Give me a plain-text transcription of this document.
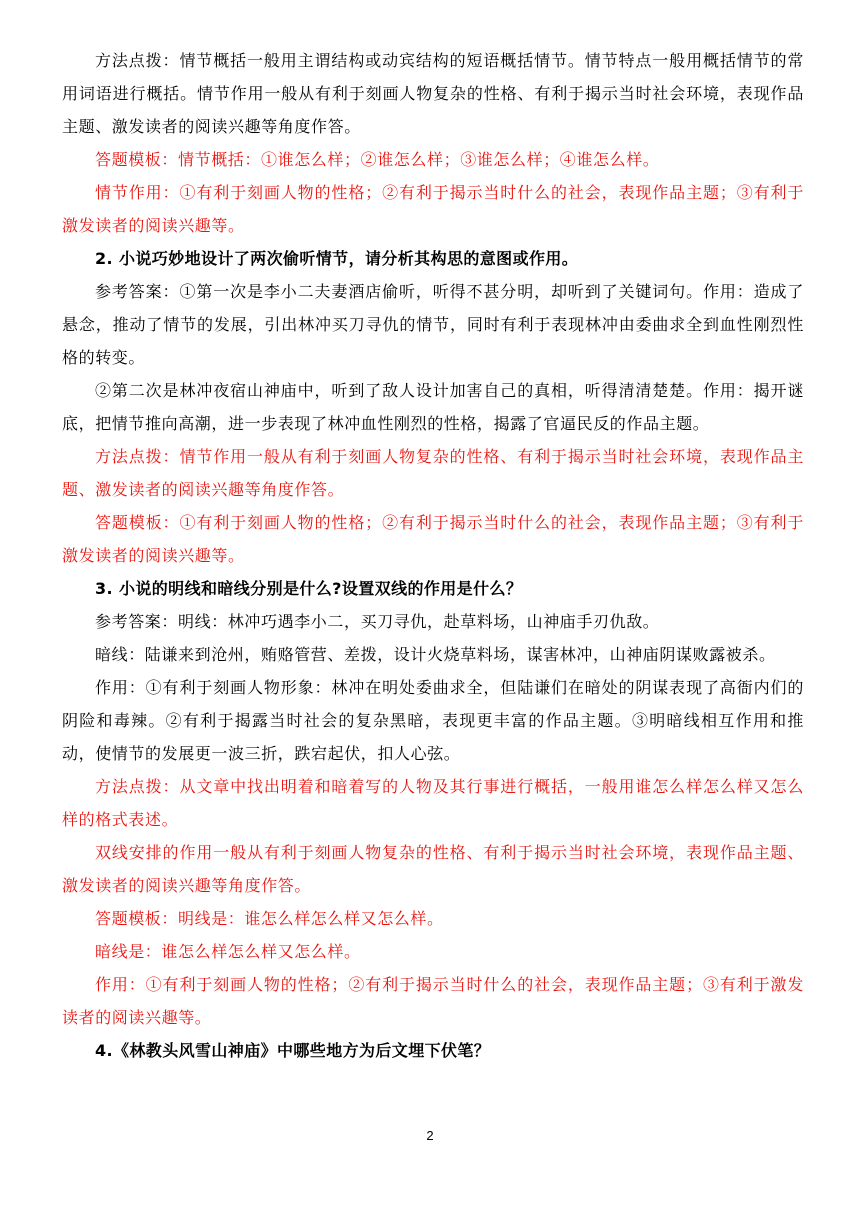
方法点拨：情节概括一般用主谓结构或动宾结构的短语概括情节。情节特点一般用概括情节的常用词语进行概括。情节作用一般从有利于刻画人物复杂的性格、有利于揭示当时社会环境，表现作品主题、激发读者的阅读兴趣等角度作答。

答题模板：情节概括：①谁怎么样；②谁怎么样；③谁怎么样；④谁怎么样。

情节作用：①有利于刻画人物的性格；②有利于揭示当时什么的社会，表现作品主题；③有利于激发读者的阅读兴趣等。

2. 小说巧妙地设计了两次偷听情节，请分析其构思的意图或作用。

参考答案：①第一次是李小二夫妻酒店偷听，听得不甚分明，却听到了关键词句。作用：造成了悬念，推动了情节的发展，引出林冲买刀寻仇的情节，同时有利于表现林冲由委曲求全到血性刚烈性格的转变。

②第二次是林冲夜宿山神庙中，听到了敌人设计加害自己的真相，听得清清楚楚。作用：揭开谜底，把情节推向高潮，进一步表现了林冲血性刚烈的性格，揭露了官逼民反的作品主题。

方法点拨：情节作用一般从有利于刻画人物复杂的性格、有利于揭示当时社会环境，表现作品主题、激发读者的阅读兴趣等角度作答。

答题模板：①有利于刻画人物的性格；②有利于揭示当时什么的社会，表现作品主题；③有利于激发读者的阅读兴趣等。

3. 小说的明线和暗线分别是什么?设置双线的作用是什么？

参考答案：明线：林冲巧遇李小二，买刀寻仇，赴草料场，山神庙手刃仇敌。

暗线：陆谦来到沧州，贿赂管营、差拨，设计火烧草料场，谋害林冲，山神庙阴谋败露被杀。

作用：①有利于刻画人物形象：林冲在明处委曲求全，但陆谦们在暗处的阴谋表现了高衙内们的阴险和毒辣。②有利于揭露当时社会的复杂黑暗，表现更丰富的作品主题。③明暗线相互作用和推动，使情节的发展更一波三折，跌宕起伏，扣人心弦。

方法点拨：从文章中找出明着和暗着写的人物及其行事进行概括，一般用谁怎么样怎么样又怎么样的格式表述。

双线安排的作用一般从有利于刻画人物复杂的性格、有利于揭示当时社会环境，表现作品主题、激发读者的阅读兴趣等角度作答。

答题模板：明线是：谁怎么样怎么样又怎么样。

暗线是：谁怎么样怎么样又怎么样。

作用：①有利于刻画人物的性格；②有利于揭示当时什么的社会，表现作品主题；③有利于激发读者的阅读兴趣等。

4.《林教头风雪山神庙》中哪些地方为后文埋下伏笔？

2
